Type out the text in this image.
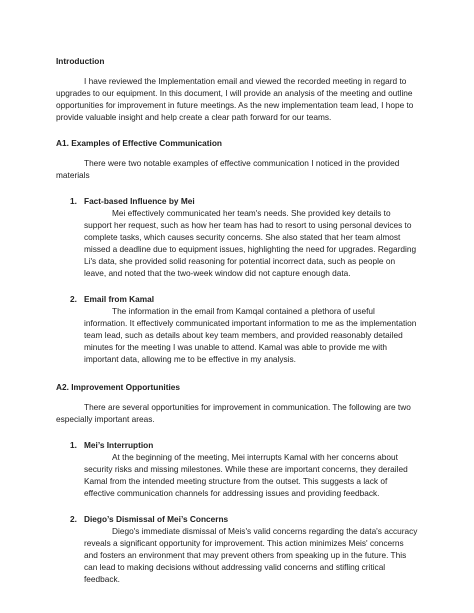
Introduction

I have reviewed the Implementation email and viewed the recorded meeting in regard to upgrades to our equipment. In this document, I will provide an analysis of the meeting and outline opportunities for improvement in future meetings. As the new implementation team lead, I hope to provide valuable insight and help create a clear path forward for our teams.

A1. Examples of Effective Communication

There were two notable examples of effective communication I noticed in the provided materials

1. Fact-based Influence by Mei

Mei effectively communicated her team's needs. She provided key details to support her request, such as how her team has had to resort to using personal devices to complete tasks, which causes security concerns. She also stated that her team almost missed a deadline due to equipment issues, highlighting the need for upgrades. Regarding Li's data, she provided solid reasoning for potential incorrect data, such as people on leave, and noted that the two-week window did not capture enough data.

2. Email from Kamal

The information in the email from Kamqal contained a plethora of useful information. It effectively communicated important information to me as the implementation team lead, such as details about key team members, and provided reasonably detailed minutes for the meeting I was unable to attend. Kamal was able to provide me with important data, allowing me to be effective in my analysis.

A2. Improvement Opportunities

There are several opportunities for improvement in communication. The following are two especially important areas.

1. Mei’s Interruption

At the beginning of the meeting, Mei interrupts Kamal with her concerns about security risks and missing milestones. While these are important concerns, they derailed Kamal from the intended meeting structure from the outset. This suggests a lack of effective communication channels for addressing issues and providing feedback.

2. Diego’s Dismissal of Mei’s Concerns

Diego's immediate dismissal of Meis's valid concerns regarding the data's accuracy reveals a significant opportunity for improvement. This action minimizes Meis' concerns and fosters an environment that may prevent others from speaking up in the future. This can lead to making decisions without addressing valid concerns and stifling critical feedback.
